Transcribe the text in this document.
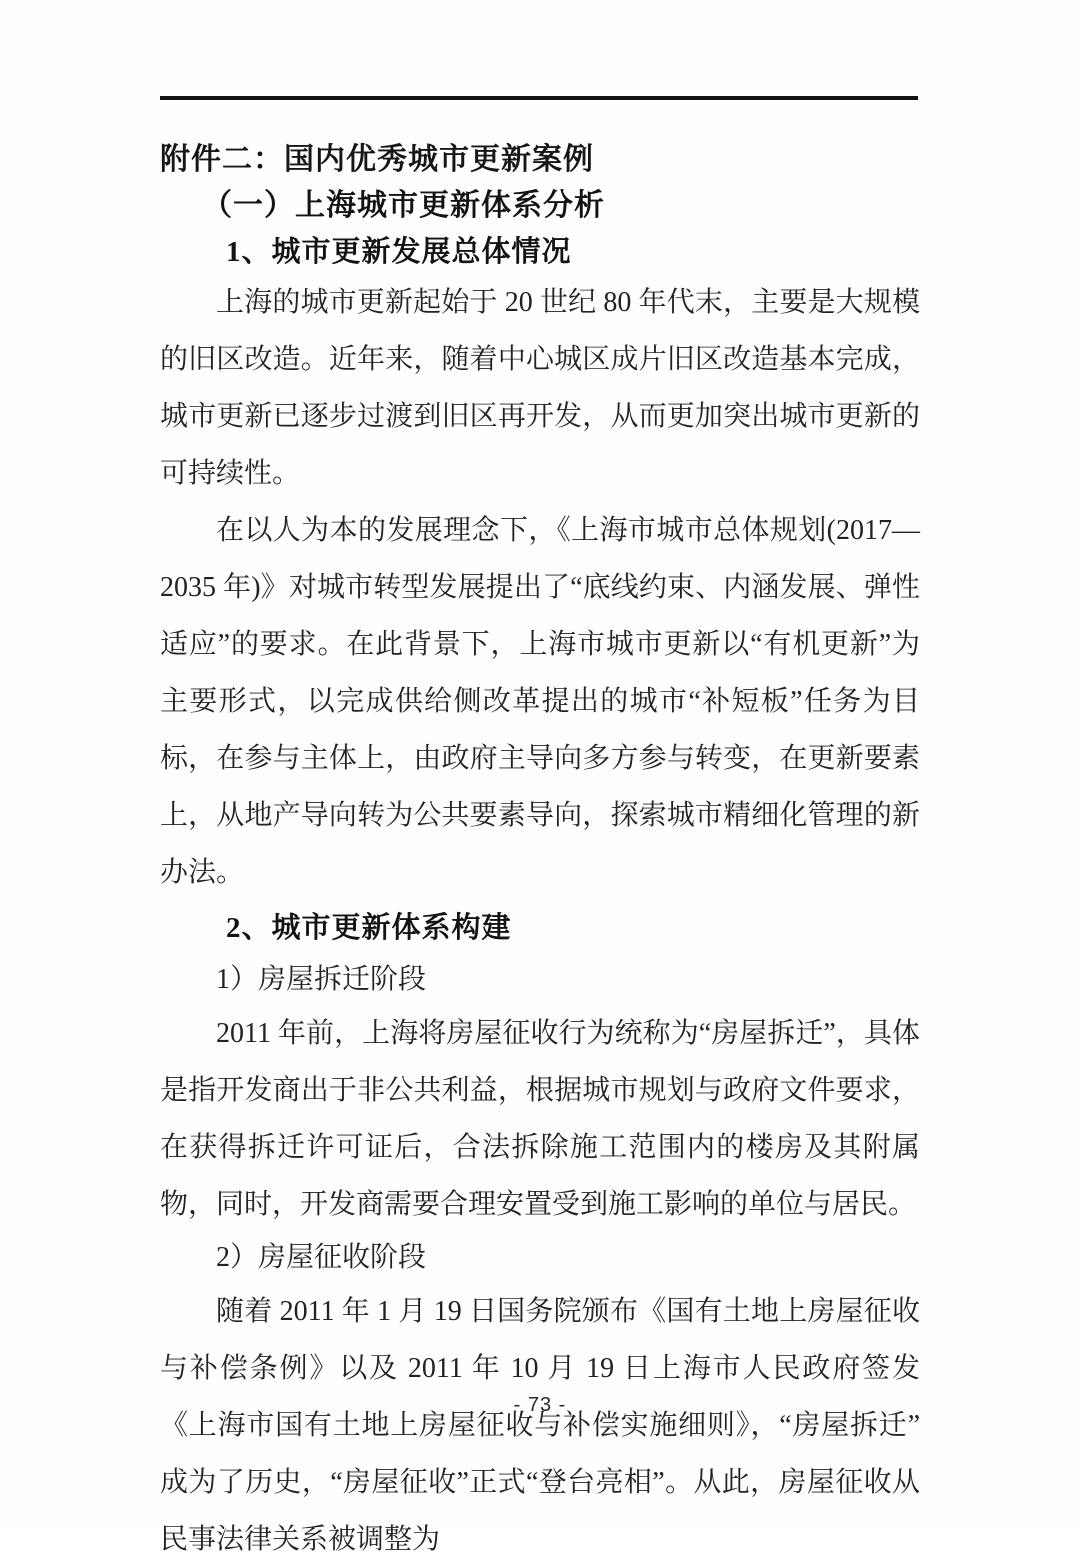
附件二：国内优秀城市更新案例
（一）上海城市更新体系分析
1、城市更新发展总体情况

上海的城市更新起始于 20 世纪 80 年代末，主要是大规模的旧区改造。近年来，随着中心城区成片旧区改造基本完成，城市更新已逐步过渡到旧区再开发，从而更加突出城市更新的可持续性。

在以人为本的发展理念下，《上海市城市总体规划(2017—2035 年)》对城市转型发展提出了“底线约束、内涵发展、弹性适应”的要求。在此背景下，上海市城市更新以“有机更新”为主要形式，以完成供给侧改革提出的城市“补短板”任务为目标，在参与主体上，由政府主导向多方参与转变，在更新要素上，从地产导向转为公共要素导向，探索城市精细化管理的新办法。

2、城市更新体系构建

1）房屋拆迁阶段

2011 年前，上海将房屋征收行为统称为“房屋拆迁”，具体是指开发商出于非公共利益，根据城市规划与政府文件要求，在获得拆迁许可证后，合法拆除施工范围内的楼房及其附属物，同时，开发商需要合理安置受到施工影响的单位与居民。

2）房屋征收阶段

随着 2011 年 1 月 19 日国务院颁布《国有土地上房屋征收与补偿条例》以及 2011 年 10 月 19 日上海市人民政府签发《上海市国有土地上房屋征收与补偿实施细则》，“房屋拆迁”成为了历史，“房屋征收”正式“登台亮相”。从此，房屋征收从民事法律关系被调整为

- 73 -
